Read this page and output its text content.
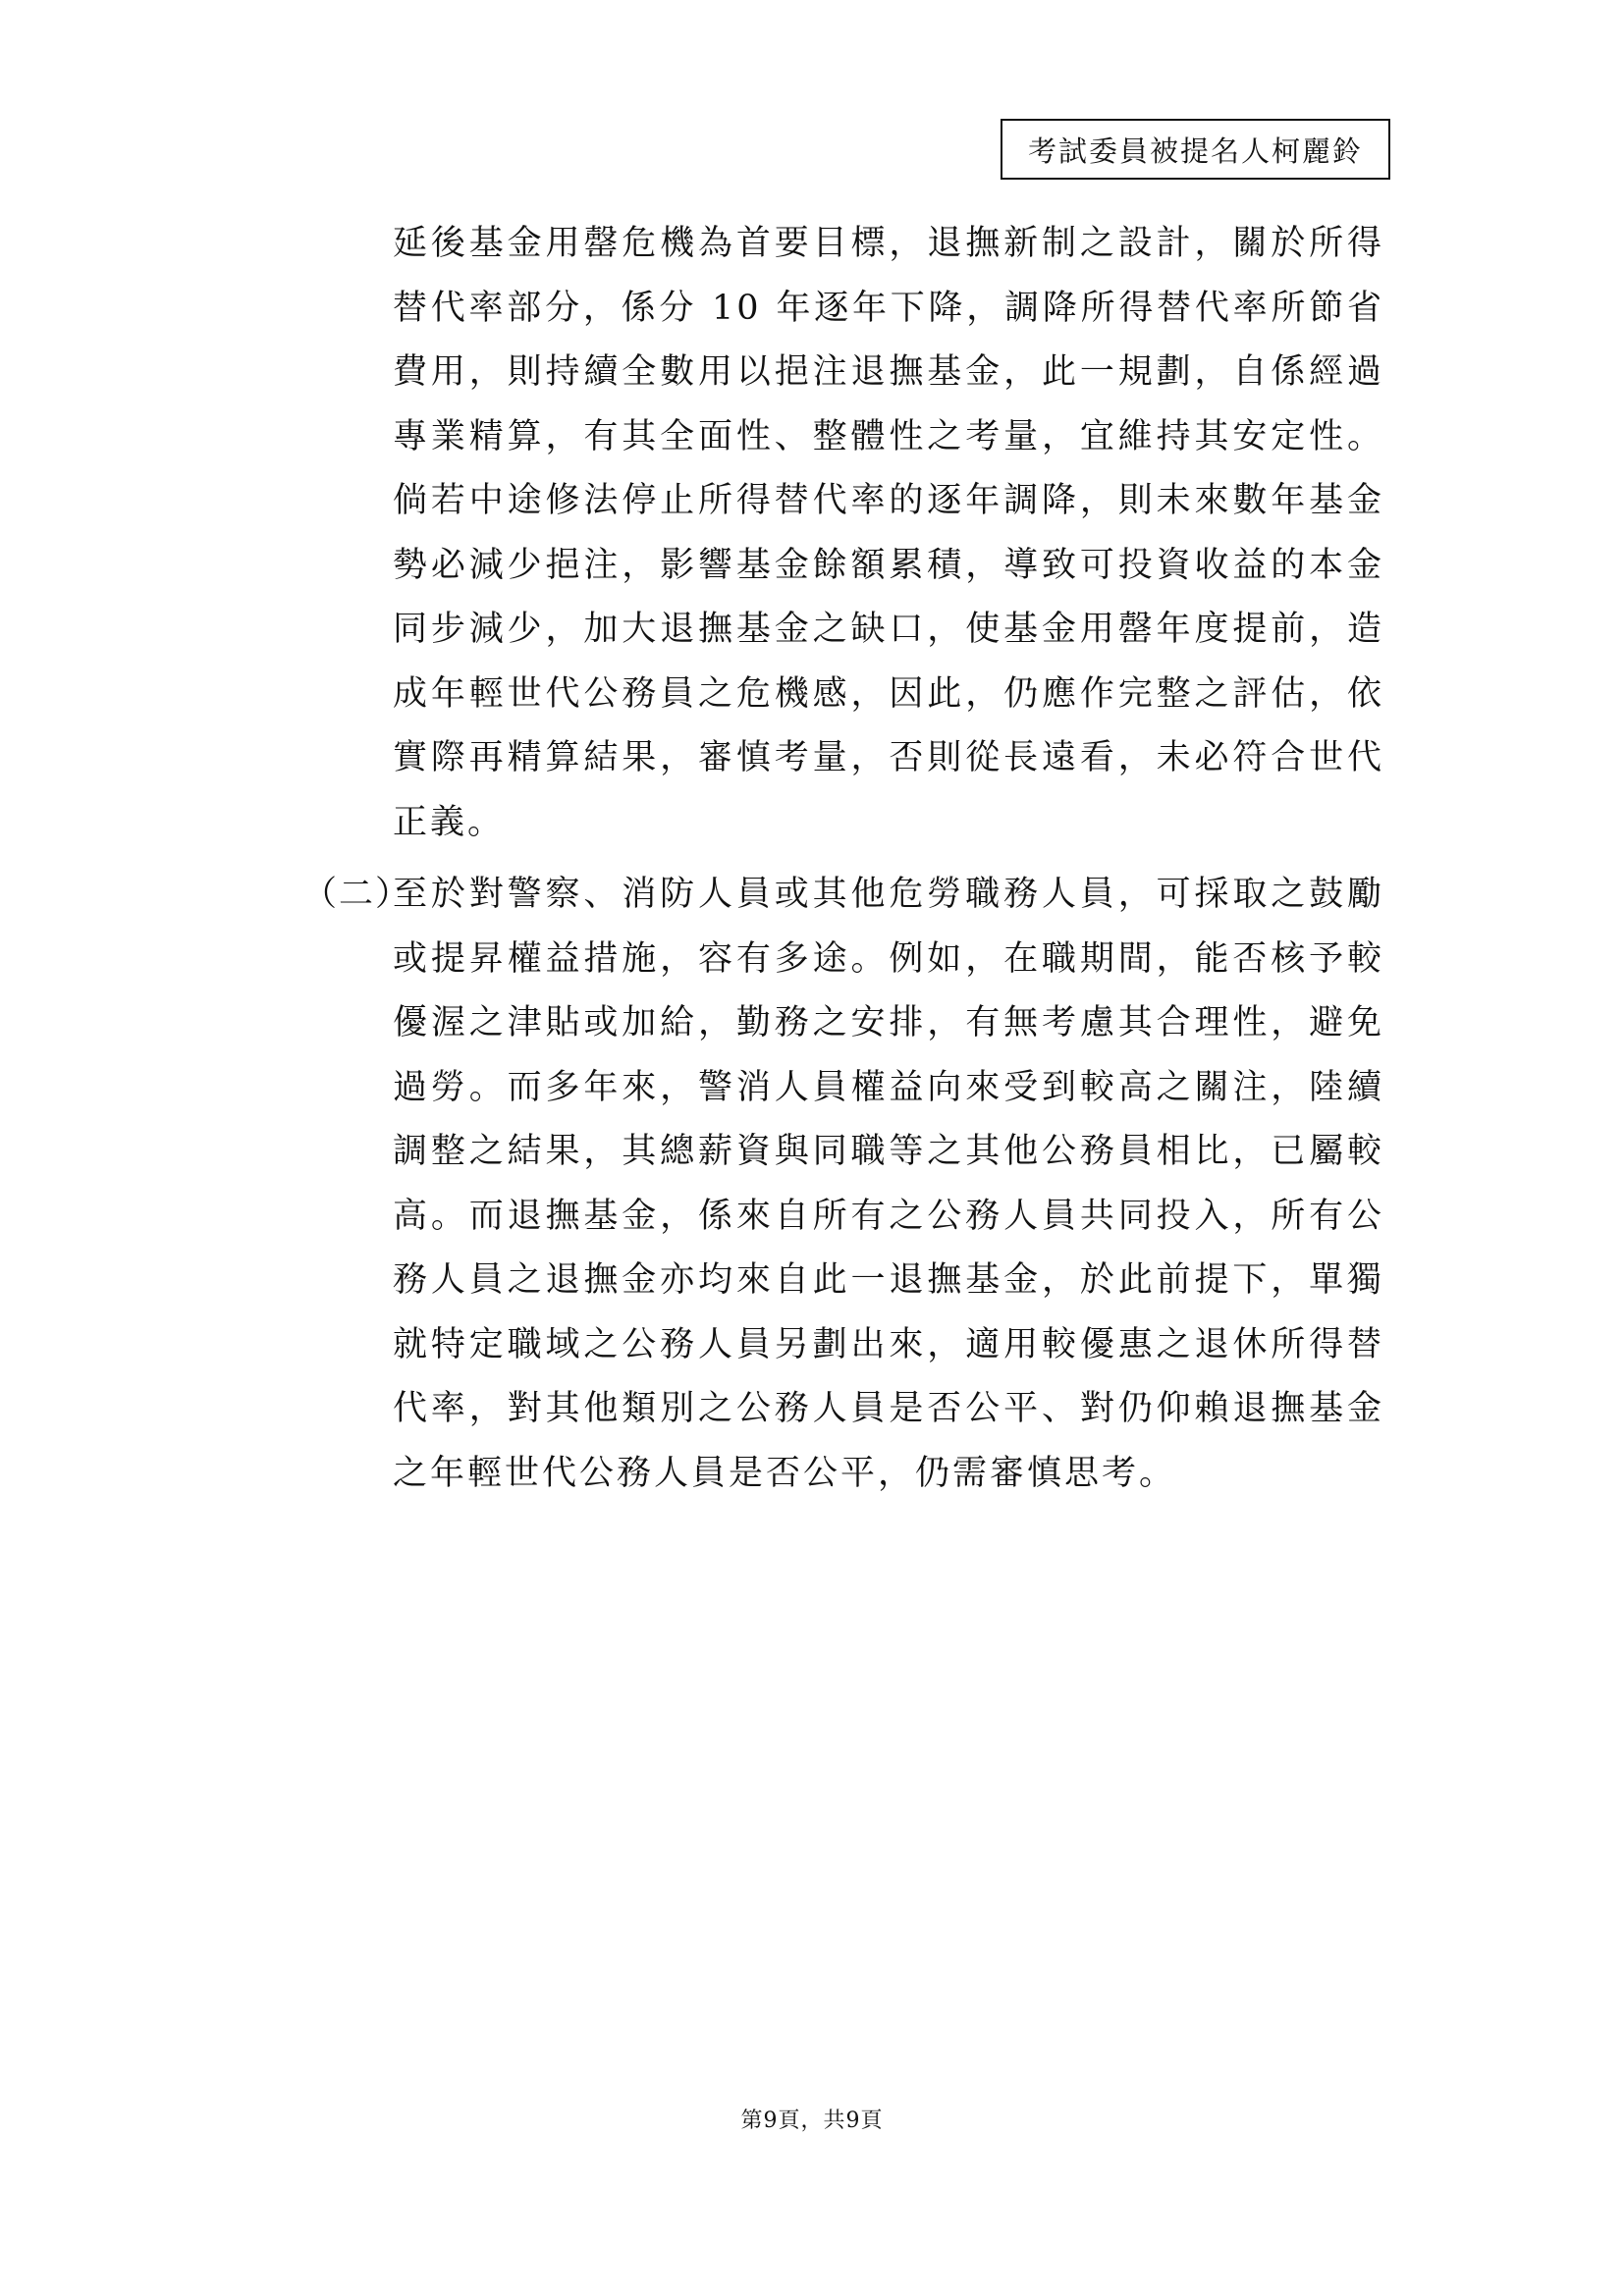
考試委員被提名人柯麗鈴

延後基金用罄危機為首要目標，退撫新制之設計，關於所得替代率部分，係分 10 年逐年下降，調降所得替代率所節省費用，則持續全數用以挹注退撫基金，此一規劃，自係經過專業精算，有其全面性、整體性之考量，宜維持其安定性。倘若中途修法停止所得替代率的逐年調降，則未來數年基金勢必減少挹注，影響基金餘額累積，導致可投資收益的本金同步減少，加大退撫基金之缺口，使基金用罄年度提前，造成年輕世代公務員之危機感，因此，仍應作完整之評估，依實際再精算結果，審慎考量，否則從長遠看，未必符合世代正義。

（二）

至於對警察、消防人員或其他危勞職務人員，可採取之鼓勵或提昇權益措施，容有多途。例如，在職期間，能否核予較優渥之津貼或加給，勤務之安排，有無考慮其合理性，避免過勞。而多年來，警消人員權益向來受到較高之關注，陸續調整之結果，其總薪資與同職等之其他公務員相比，已屬較高。而退撫基金，係來自所有之公務人員共同投入，所有公務人員之退撫金亦均來自此一退撫基金，於此前提下，單獨就特定職域之公務人員另劃出來，適用較優惠之退休所得替代率，對其他類別之公務人員是否公平、對仍仰賴退撫基金之年輕世代公務人員是否公平，仍需審慎思考。

第9頁，共9頁
